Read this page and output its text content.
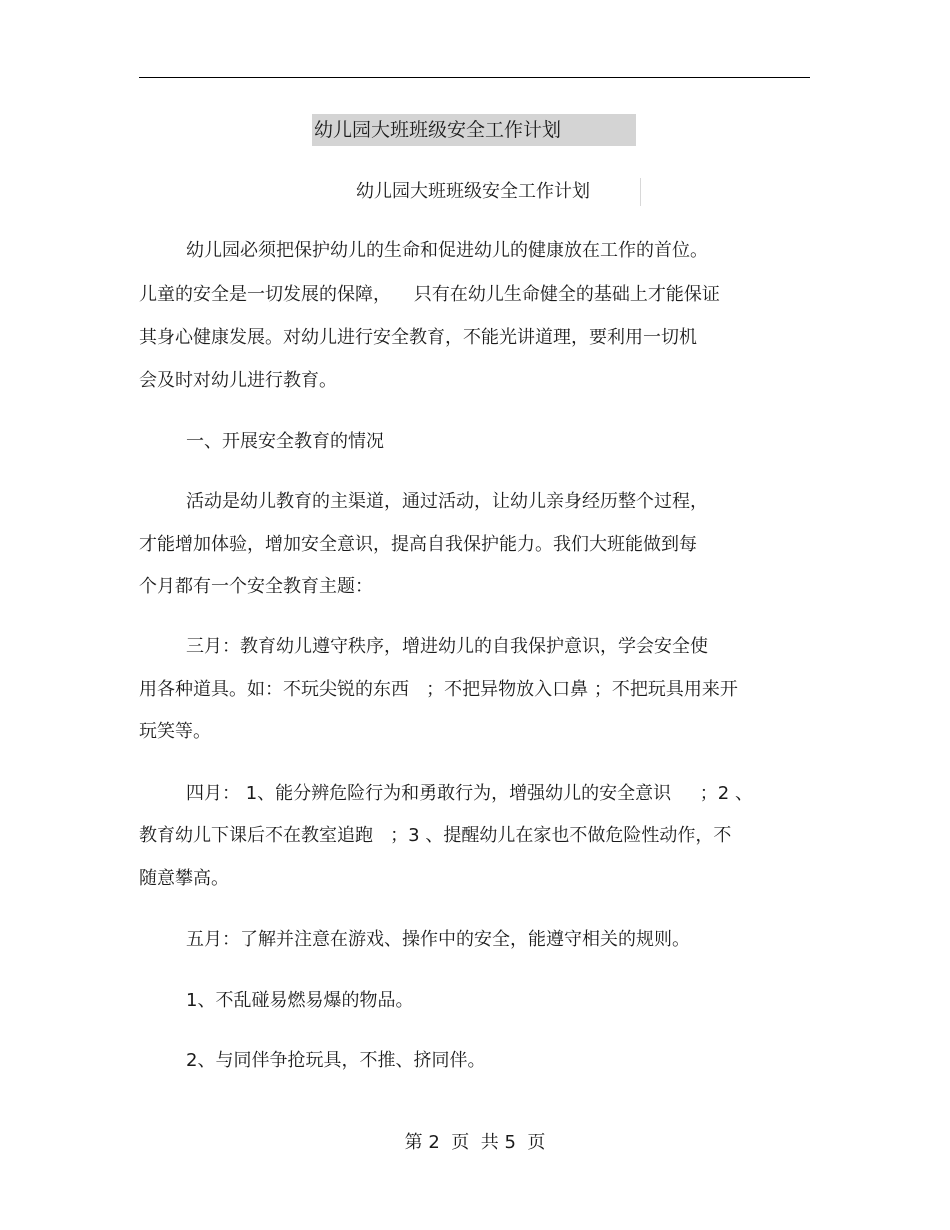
幼儿园大班班级安全工作计划
幼儿园大班班级安全工作计划
幼儿园必须把保护幼儿的生命和促进幼儿的健康放在工作的首位。
儿童的安全是一切发展的保障，    只有在幼儿生命健全的基础上才能保证
其身心健康发展。对幼儿进行安全教育，不能光讲道理，要利用一切机
会及时对幼儿进行教育。
一、开展安全教育的情况
活动是幼儿教育的主渠道，通过活动，让幼儿亲身经历整个过程，
才能增加体验，增加安全意识，提高自我保护能力。我们大班能做到每
个月都有一个安全教育主题：
三月：教育幼儿遵守秩序，增进幼儿的自我保护意识，学会安全使
用各种道具。如：不玩尖锐的东西   ；不把异物放入口鼻 ；不把玩具用来开
玩笑等。
四月： 1、能分辨危险行为和勇敢行为，增强幼儿的安全意识     ；2 、
教育幼儿下课后不在教室追跑   ；3 、提醒幼儿在家也不做危险性动作，不
随意攀高。
五月：了解并注意在游戏、操作中的安全，能遵守相关的规则。
1、不乱碰易燃易爆的物品。
2、与同伴争抢玩具，不推、挤同伴。
第 2  页  共 5  页
